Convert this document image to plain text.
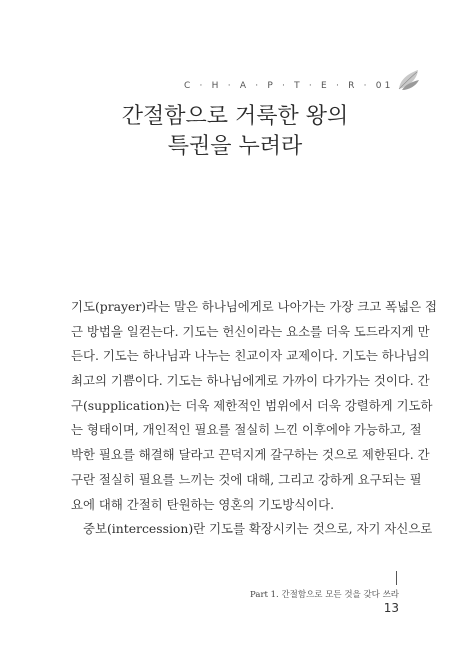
C · H · A · P · T · E · R · 01
간절함으로 거룩한 왕의
특권을 누려라
기도(prayer)라는 말은 하나님에게로 나아가는 가장 크고 폭넓은 접
근 방법을 일컫는다. 기도는 헌신이라는 요소를 더욱 도드라지게 만
든다. 기도는 하나님과 나누는 친교이자 교제이다. 기도는 하나님의
최고의 기쁨이다. 기도는 하나님에게로 가까이 다가가는 것이다. 간
구(supplication)는 더욱 제한적인 범위에서 더욱 강렬하게 기도하
는 형태이며, 개인적인 필요를 절실히 느낀 이후에야 가능하고, 절
박한 필요를 해결해 달라고 끈덕지게 갈구하는 것으로 제한된다. 간
구란 절실히 필요를 느끼는 것에 대해, 그리고 강하게 요구되는 필
요에 대해 간절히 탄원하는 영혼의 기도방식이다.
중보(intercession)란 기도를 확장시키는 것으로, 자기 자신으로
Part 1. 간절함으로 모든 것을 갖다 쓰라
13
